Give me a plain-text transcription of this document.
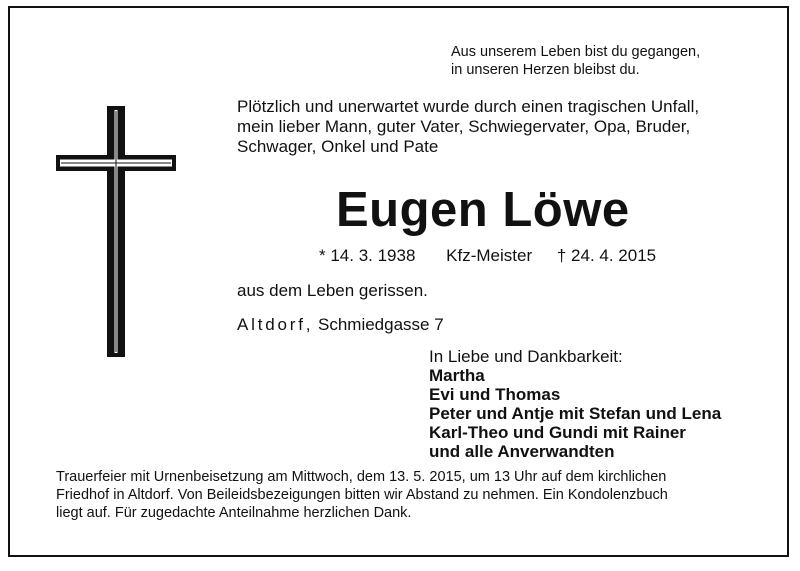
Aus unserem Leben bist du gegangen,
in unseren Herzen bleibst du.
Plötzlich und unerwartet wurde durch einen tragischen Unfall,
mein lieber Mann, guter Vater, Schwiegervater, Opa, Bruder,
Schwager, Onkel und Pate
Eugen Löwe
* 14. 3. 1938 Kfz-Meister † 24. 4. 2015
aus dem Leben gerissen.
Altdorf, Schmiedgasse 7
In Liebe und Dankbarkeit:
Martha
Evi und Thomas
Peter und Antje mit Stefan und Lena
Karl-Theo und Gundi mit Rainer
und alle Anverwandten
Trauerfeier mit Urnenbeisetzung am Mittwoch, dem 13. 5. 2015, um 13 Uhr auf dem kirchlichen
Friedhof in Altdorf. Von Beileidsbezeigungen bitten wir Abstand zu nehmen. Ein Kondolenzbuch
liegt auf. Für zugedachte Anteilnahme herzlichen Dank.
